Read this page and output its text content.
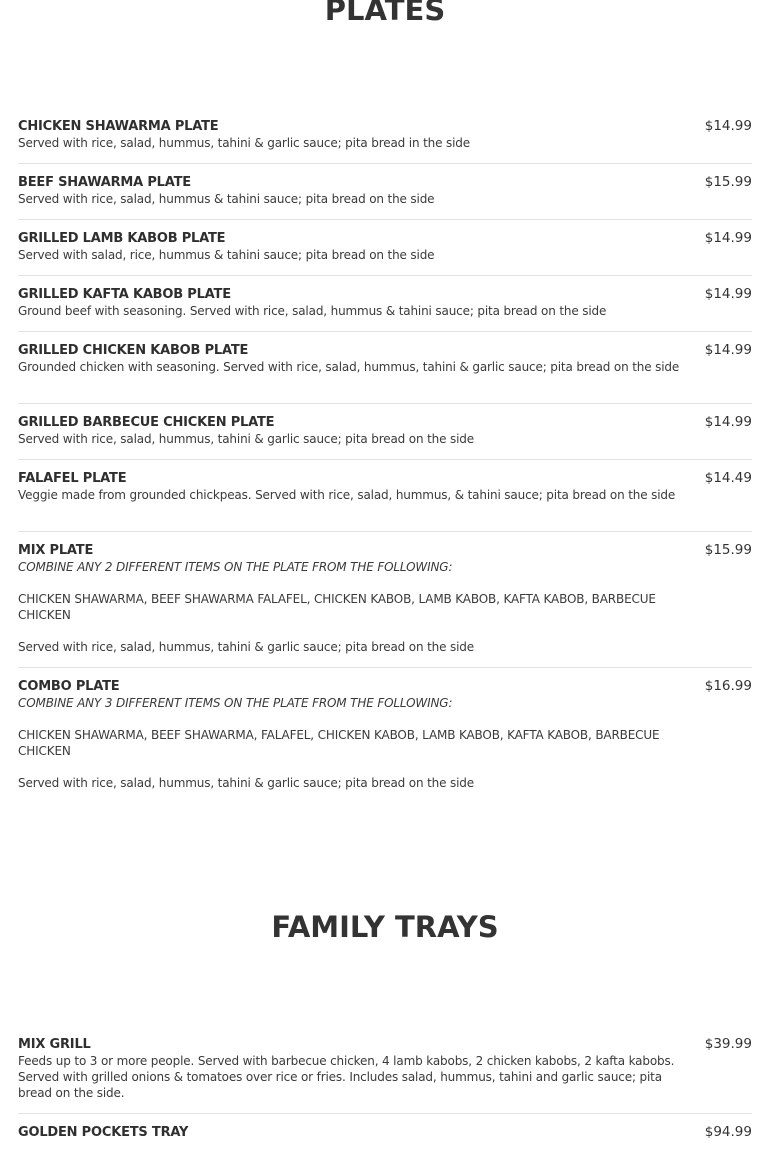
PLATES
CHICKEN SHAWARMA PLATE	$14.99
Served with rice, salad, hummus, tahini & garlic sauce; pita bread in the side
BEEF SHAWARMA PLATE	$15.99
Served with rice, salad, hummus & tahini sauce; pita bread on the side
GRILLED LAMB KABOB PLATE	$14.99
Served with salad, rice, hummus & tahini sauce; pita bread on the side
GRILLED KAFTA KABOB PLATE	$14.99
Ground beef with seasoning. Served with rice, salad, hummus & tahini sauce; pita bread on the side
GRILLED CHICKEN KABOB PLATE	$14.99
Grounded chicken with seasoning. Served with rice, salad, hummus, tahini & garlic sauce; pita bread on the side
GRILLED BARBECUE CHICKEN PLATE	$14.99
Served with rice, salad, hummus, tahini & garlic sauce; pita bread on the side
FALAFEL PLATE	$14.49
Veggie made from grounded chickpeas. Served with rice, salad, hummus, & tahini sauce; pita bread on the side
MIX PLATE	$15.99
COMBINE ANY 2 DIFFERENT ITEMS ON THE PLATE FROM THE FOLLOWING:
CHICKEN SHAWARMA, BEEF SHAWARMA FALAFEL, CHICKEN KABOB, LAMB KABOB, KAFTA KABOB, BARBECUE CHICKEN
Served with rice, salad, hummus, tahini & garlic sauce; pita bread on the side
COMBO PLATE	$16.99
COMBINE ANY 3 DIFFERENT ITEMS ON THE PLATE FROM THE FOLLOWING:
CHICKEN SHAWARMA, BEEF SHAWARMA, FALAFEL, CHICKEN KABOB, LAMB KABOB, KAFTA KABOB, BARBECUE CHICKEN
Served with rice, salad, hummus, tahini & garlic sauce; pita bread on the side
FAMILY TRAYS
MIX GRILL	$39.99
Feeds up to 3 or more people. Served with barbecue chicken, 4 lamb kabobs, 2 chicken kabobs, 2 kafta kabobs. Served with grilled onions & tomatoes over rice or fries. Includes salad, hummus, tahini and garlic sauce; pita bread on the side.
GOLDEN POCKETS TRAY	$94.99
